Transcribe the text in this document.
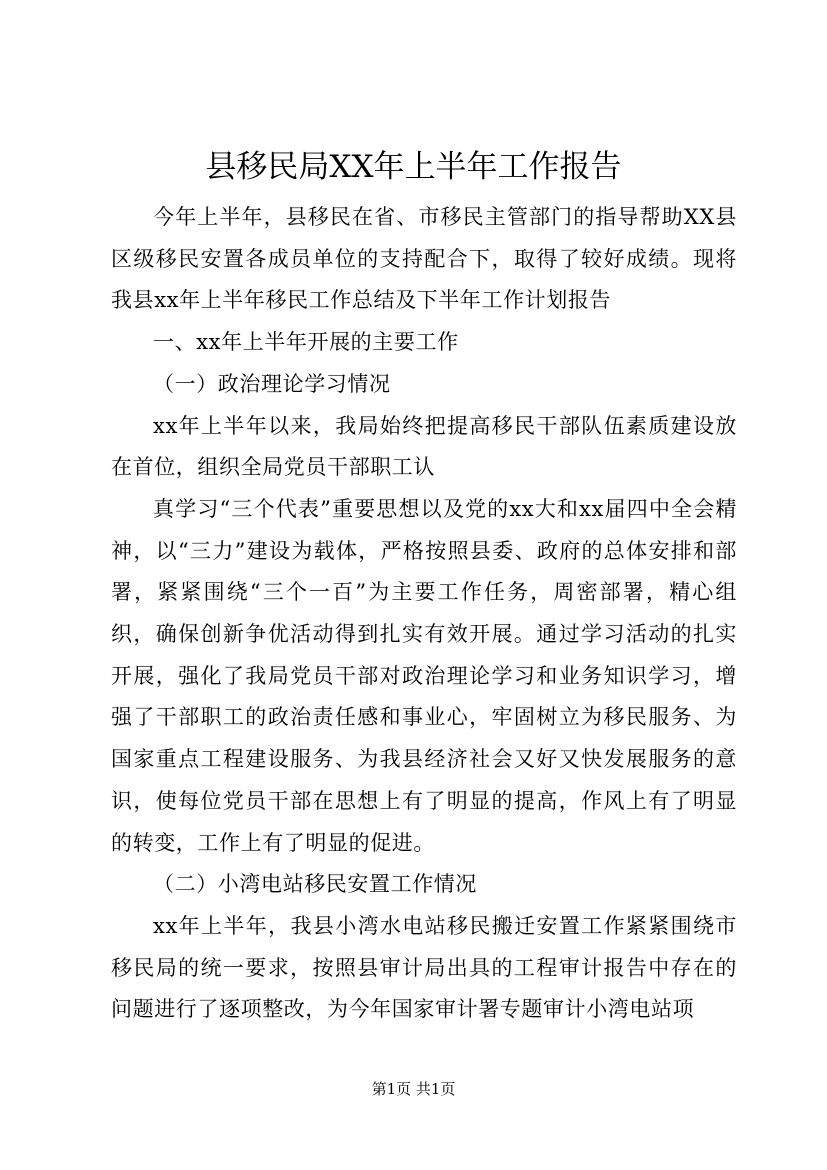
县移民局XX年上半年工作报告

今年上半年，县移民在省、市移民主管部门的指导帮助XX县区级移民安置各成员单位的支持配合下，取得了较好成绩。现将我县xx年上半年移民工作总结及下半年工作计划报告

一、xx年上半年开展的主要工作

（一）政治理论学习情况

xx年上半年以来，我局始终把提高移民干部队伍素质建设放在首位，组织全局党员干部职工认

真学习“三个代表”重要思想以及党的xx大和xx届四中全会精神，以“三力”建设为载体，严格按照县委、政府的总体安排和部署，紧紧围绕“三个一百”为主要工作任务，周密部署，精心组织，确保创新争优活动得到扎实有效开展。通过学习活动的扎实开展，强化了我局党员干部对政治理论学习和业务知识学习，增强了干部职工的政治责任感和事业心，牢固树立为移民服务、为国家重点工程建设服务、为我县经济社会又好又快发展服务的意识，使每位党员干部在思想上有了明显的提高，作风上有了明显的转变，工作上有了明显的促进。

（二）小湾电站移民安置工作情况

xx年上半年，我县小湾水电站移民搬迁安置工作紧紧围绕市移民局的统一要求，按照县审计局出具的工程审计报告中存在的问题进行了逐项整改，为今年国家审计署专题审计小湾电站项

第1页 共1页
